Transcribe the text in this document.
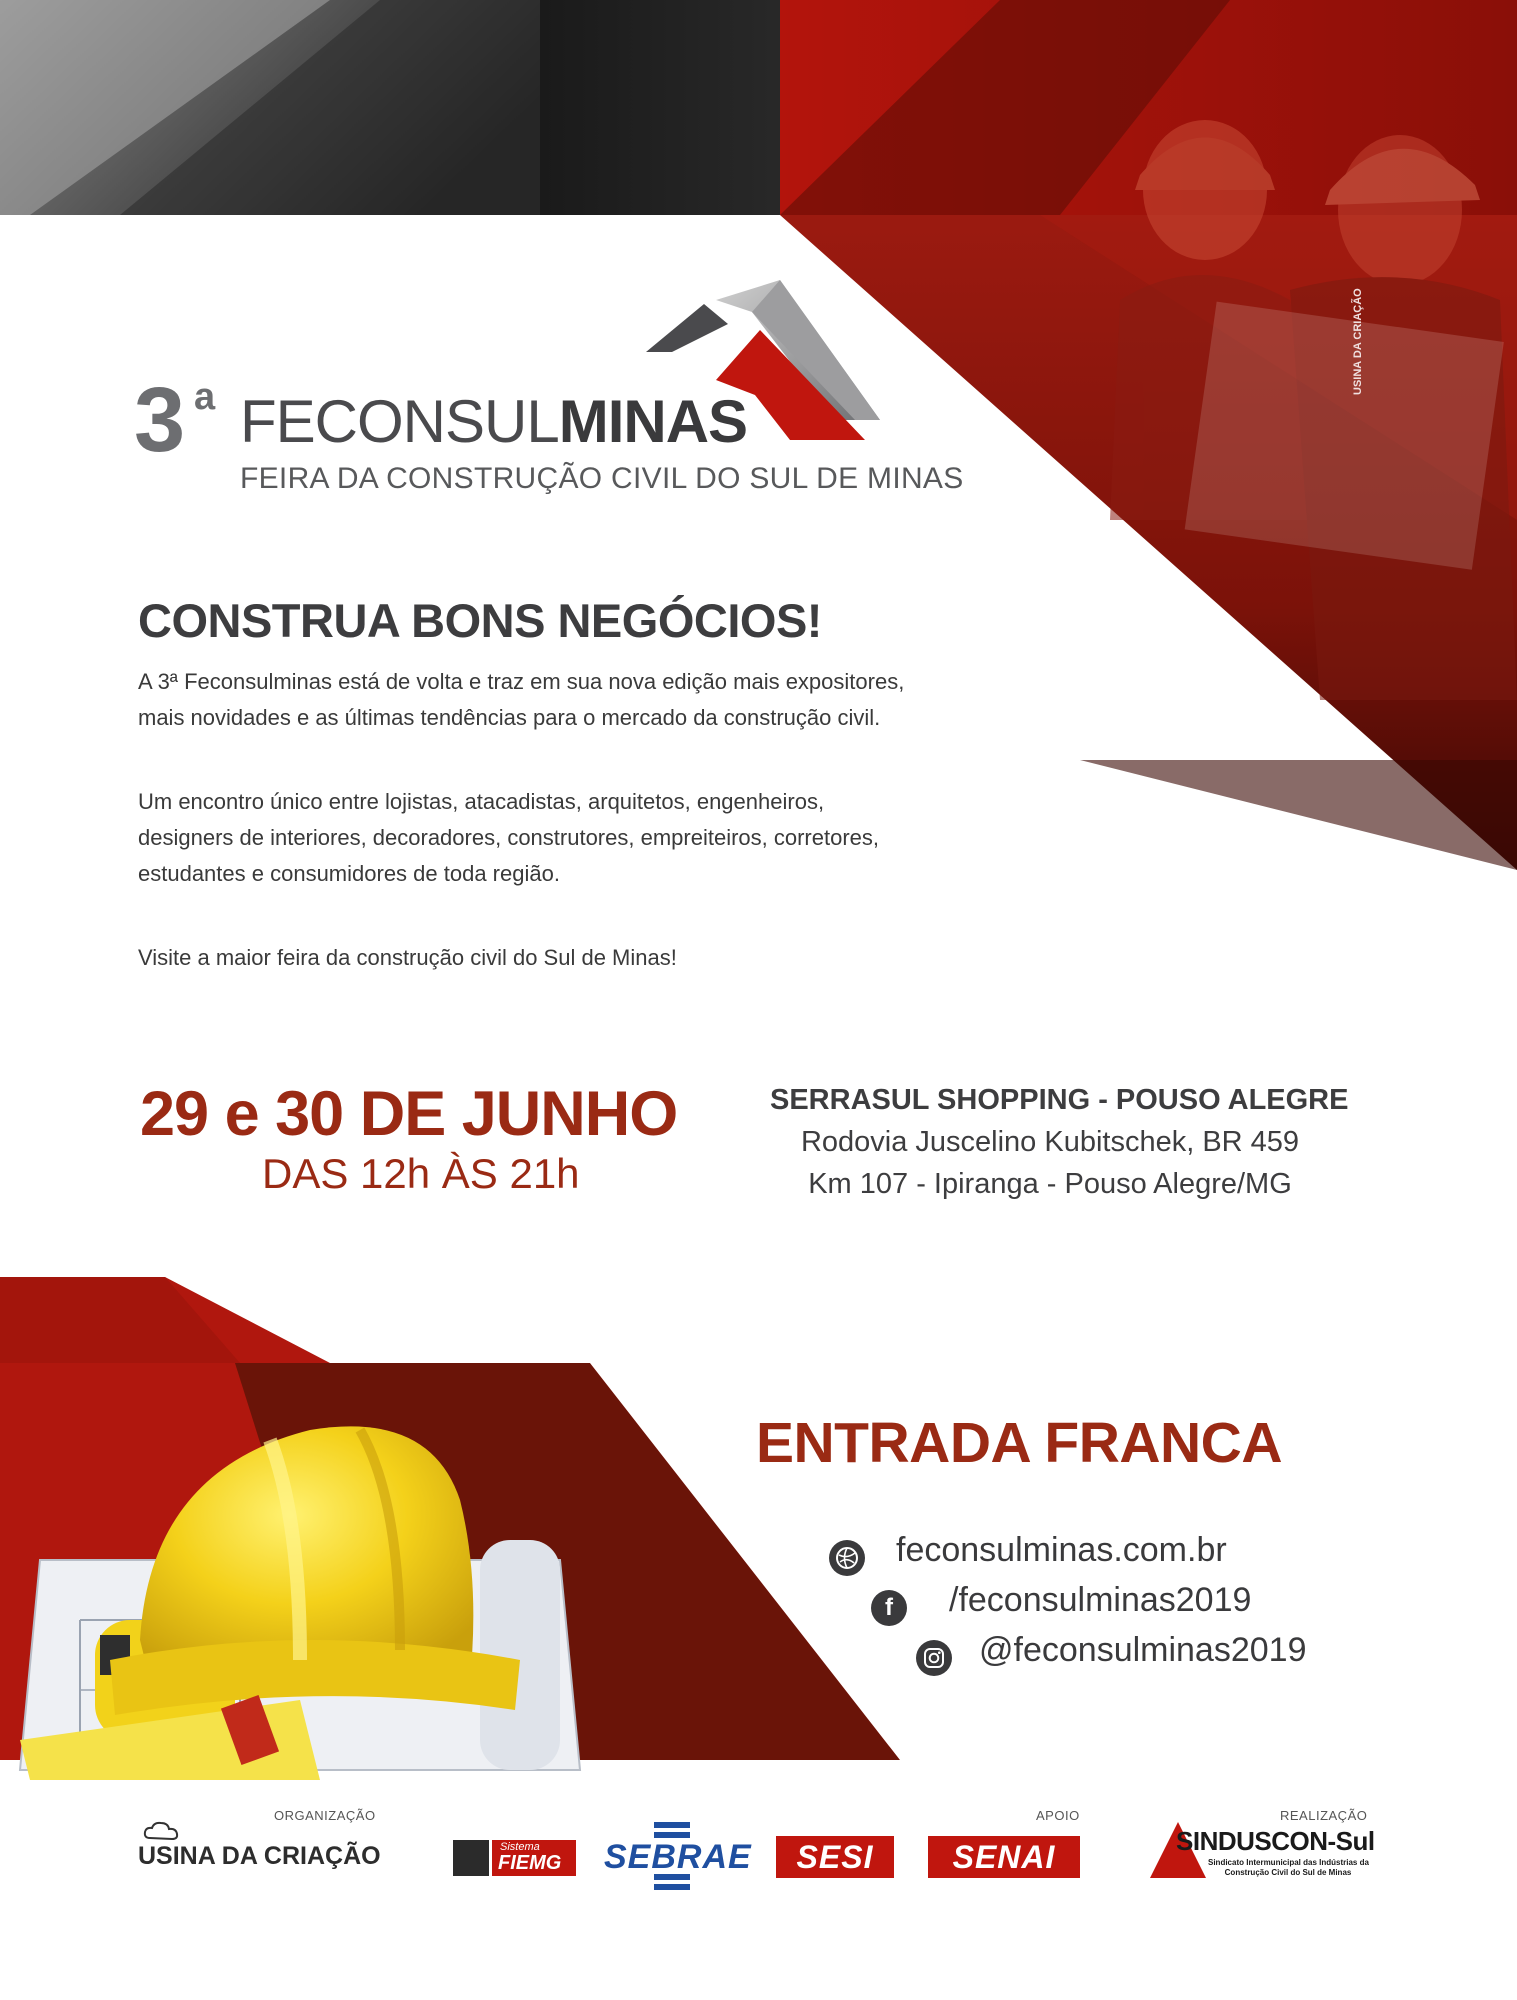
USINA DA CRIAÇÃO
3 a FECONSULMINAS
FEIRA DA CONSTRUÇÃO CIVIL DO SUL DE MINAS
CONSTRUA BONS NEGÓCIOS!
A 3ª Feconsulminas está de volta e traz em sua nova edição mais expositores,
mais novidades e as últimas tendências para o mercado da construção civil.
Um encontro único entre lojistas, atacadistas, arquitetos, engenheiros,
designers de interiores, decoradores, construtores, empreiteiros, corretores,
estudantes e consumidores de toda região.
Visite a maior feira da construção civil do Sul de Minas!
29 e 30 DE JUNHO
DAS 12h ÀS 21h
SERRASUL SHOPPING - POUSO ALEGRE
Rodovia Juscelino Kubitschek, BR 459
Km 107 - Ipiranga - Pouso Alegre/MG
ENTRADA FRANCA
feconsulminas.com.br
f /feconsulminas2019
@feconsulminas2019
ORGANIZAÇÃO
USINA DA CRIAÇÃO
APOIO
Sistema
FIEMG SEBRAE	SESI	SENAI
REALIZAÇÃO
SINDUSCON-Sul
Sindicato Intermunicipal das Indústrias da
Construção Civil do Sul de Minas
